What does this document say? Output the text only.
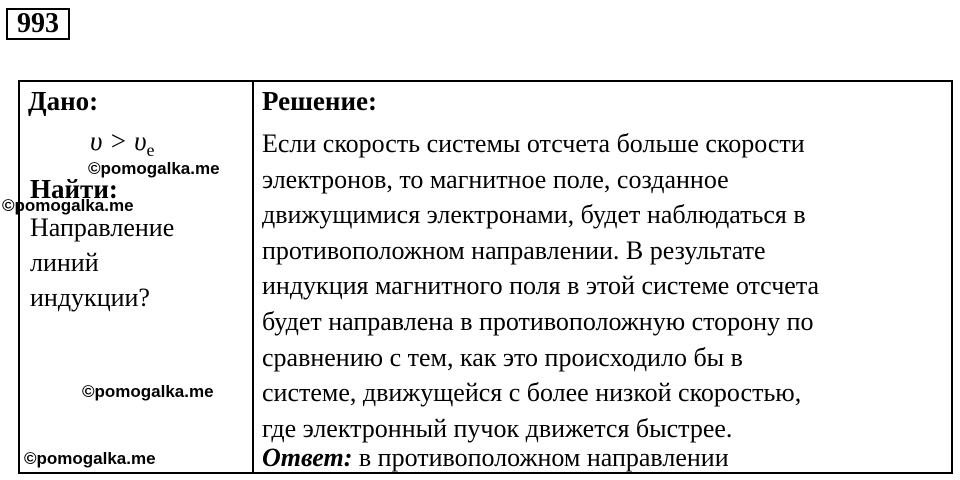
993
Дано:
$\upsilon > \upsilon_e$
Найти:
Направление
линий
индукции?
Решение:
Если скорость системы отсчета больше скорости
электронов, то магнитное поле, созданное
движущимися электронами, будет наблюдаться в
противоположном направлении. В результате
индукция магнитного поля в этой системе отсчета
будет направлена в противоположную сторону по
сравнению с тем, как это происходило бы в
системе, движущейся с более низкой скоростью,
где электронный пучок движется быстрее.
Ответ: в противоположном направлении
©pomogalka.me
©pomogalka.me
©pomogalka.me
©pomogalka.me
